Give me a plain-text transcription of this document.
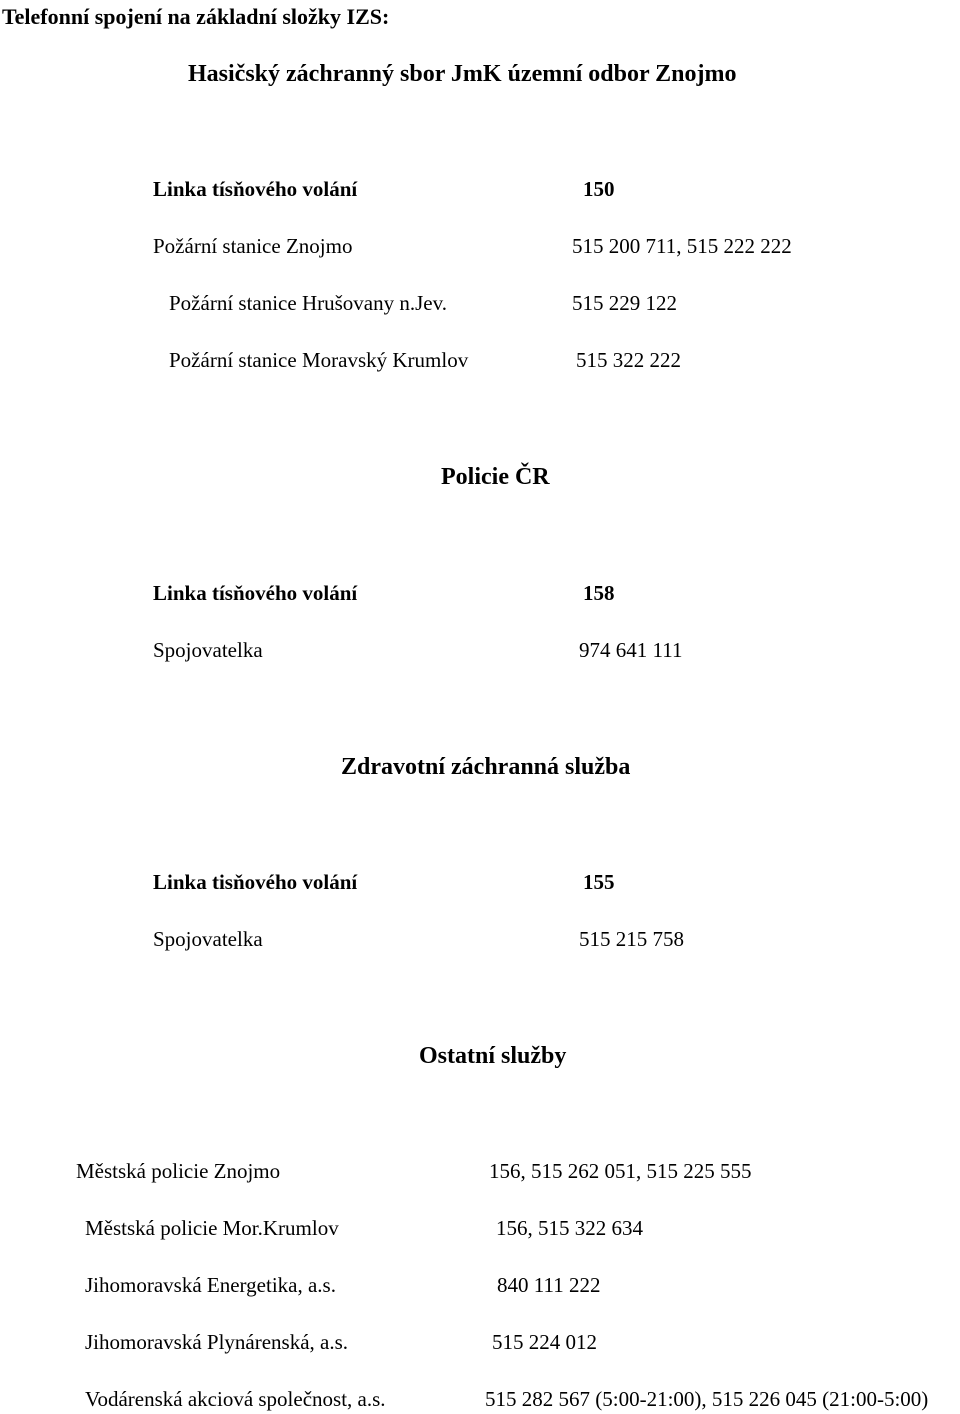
Telefonní spojení na základní složky IZS:
Hasičský záchranný sbor JmK územní odbor Znojmo
Linka tísňového volání	150
Požární stanice Znojmo	515 200 711, 515 222 222
Požární stanice Hrušovany n.Jev.	515 229 122
Požární stanice Moravský Krumlov	515 322 222
Policie ČR
Linka tísňového volání	158
Spojovatelka	974 641 111
Zdravotní záchranná služba
Linka tisňového volání	155
Spojovatelka	515 215 758
Ostatní služby
Městská policie Znojmo	156, 515 262 051, 515 225 555
Městská policie Mor.Krumlov	156, 515 322 634
Jihomoravská Energetika, a.s.	840 111 222
Jihomoravská Plynárenská, a.s.	515 224 012
Vodárenská akciová společnost, a.s.	515 282 567 (5:00-21:00), 515 226 045 (21:00-5:00)
